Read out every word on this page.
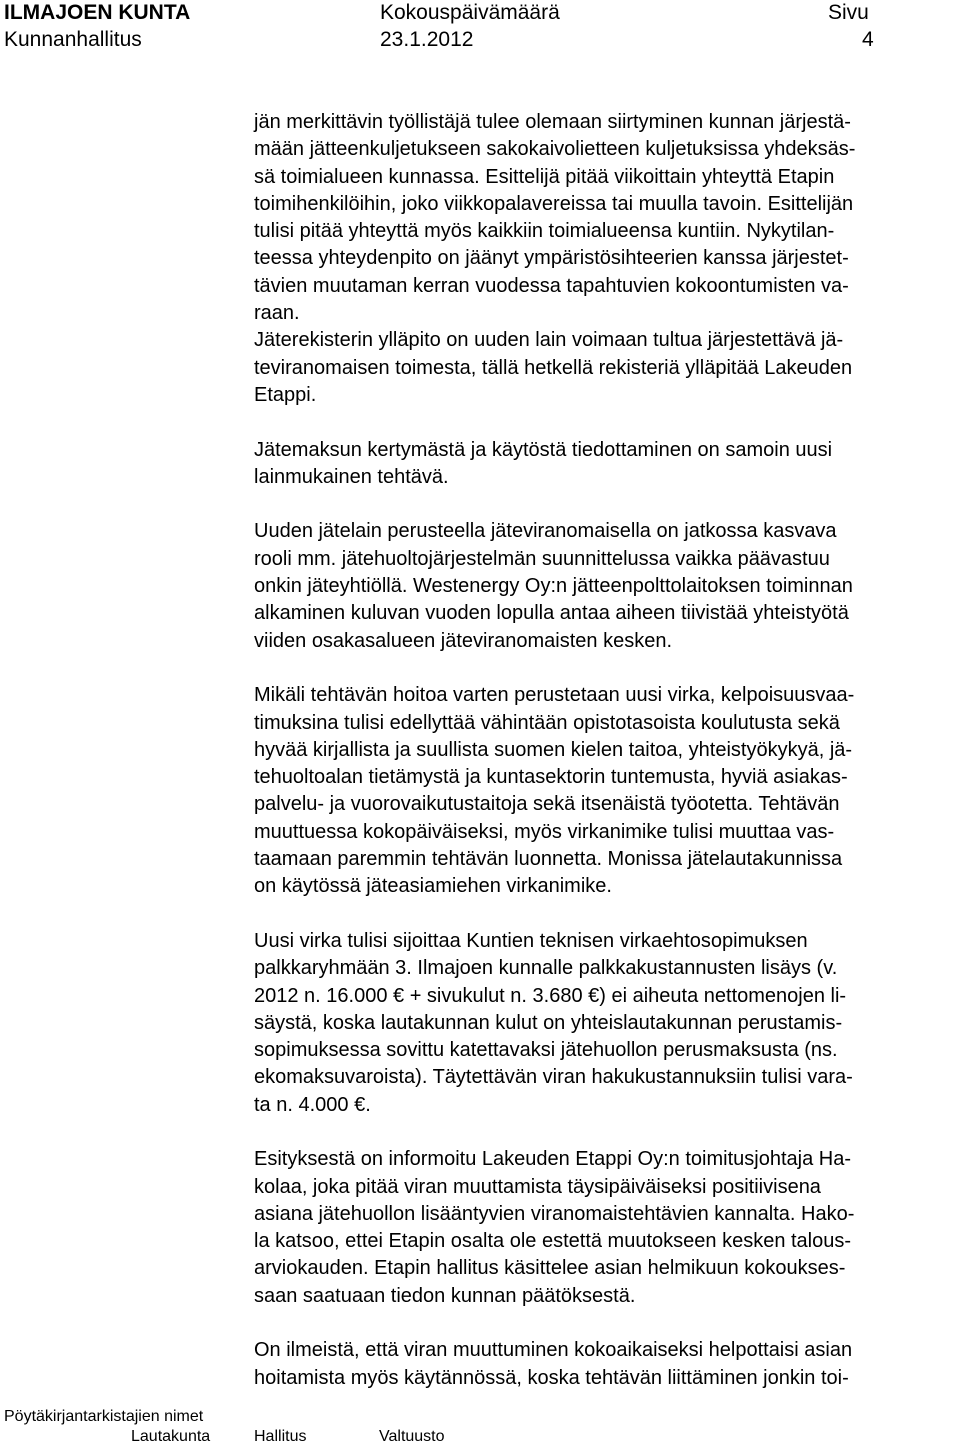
ILMAJOEN KUNTA
Kunnanhallitus
Kokouspäivämäärä
23.1.2012
Sivu
4
jän merkittävin työllistäjä tulee olemaan siirtyminen kunnan järjestä-
mään jätteenkuljetukseen sakokaivolietteen kuljetuksissa yhdeksäs-
sä toimialueen kunnassa. Esittelijä pitää viikoittain yhteyttä Etapin
toimihenkilöihin, joko viikkopalavereissa tai muulla tavoin. Esittelijän
tulisi pitää yhteyttä myös kaikkiin toimialueensa kuntiin. Nykytilan-
teessa yhteydenpito on jäänyt ympäristösihteerien kanssa järjestet-
tävien muutaman kerran vuodessa tapahtuvien kokoontumisten va-
raan.
Jäterekisterin ylläpito on uuden lain voimaan tultua järjestettävä jä-
teviranomaisen toimesta, tällä hetkellä rekisteriä ylläpitää Lakeuden
Etappi.
Jätemaksun kertymästä ja käytöstä tiedottaminen on samoin uusi
lainmukainen tehtävä.
Uuden jätelain perusteella jäteviranomaisella on jatkossa kasvava
rooli mm. jätehuoltojärjestelmän suunnittelussa vaikka päävastuu
onkin jäteyhtiöllä. Westenergy Oy:n jätteenpolttolaitoksen toiminnan
alkaminen kuluvan vuoden lopulla antaa aiheen tiivistää yhteistyötä
viiden osakasalueen jäteviranomaisten kesken.
Mikäli tehtävän hoitoa varten perustetaan uusi virka, kelpoisuusvaa-
timuksina tulisi edellyttää vähintään opistotasoista koulutusta sekä
hyvää kirjallista ja suullista suomen kielen taitoa, yhteistyökykyä, jä-
tehuoltoalan tietämystä ja kuntasektorin tuntemusta, hyviä asiakas-
palvelu- ja vuorovaikutustaitoja sekä itsenäistä työotetta. Tehtävän
muuttuessa kokopäiväiseksi, myös virkanimike tulisi muuttaa vas-
taamaan paremmin tehtävän luonnetta. Monissa jätelautakunnissa
on käytössä jäteasiamiehen virkanimike.
Uusi virka tulisi sijoittaa Kuntien teknisen virkaehtosopimuksen
palkkaryhmään 3. Ilmajoen kunnalle palkkakustannusten lisäys (v.
2012 n. 16.000 € + sivukulut n. 3.680 €) ei aiheuta nettomenojen li-
säystä, koska lautakunnan kulut on yhteislautakunnan perustamis-
sopimuksessa sovittu katettavaksi jätehuollon perusmaksusta (ns.
ekomaksuvaroista). Täytettävän viran hakukustannuksiin tulisi vara-
ta n. 4.000 €.
Esityksestä on informoitu Lakeuden Etappi Oy:n toimitusjohtaja Ha-
kolaa, joka pitää viran muuttamista täysipäiväiseksi positiivisena
asiana jätehuollon lisääntyvien viranomaistehtävien kannalta. Hako-
la katsoo, ettei Etapin osalta ole estettä muutokseen kesken talous-
arviokauden. Etapin hallitus käsittelee asian helmikuun kokoukses-
saan saatuaan tiedon kunnan päätöksestä.
On ilmeistä, että viran muuttuminen kokoaikaiseksi helpottaisi asian
hoitamista myös käytännössä, koska tehtävän liittäminen jonkin toi-
Pöytäkirjantarkistajien nimet
Lautakunta	Hallitus	Valtuusto
